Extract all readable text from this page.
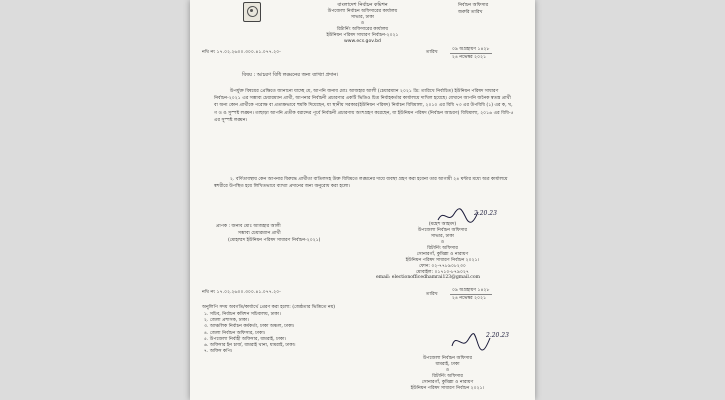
বাংলাদেশ নির্বাচন কমিশন
উপজেলা নির্বাচন অফিসারের কার্যালয়
সাভার, ঢাকা
ও
রিটার্নিং অফিসারের কার্যালয়
ইউনিয়ন পরিষদ সাধারণ নির্বাচন-২০২১
www.ecs.gov.bd
নির্বাচন অফিসার
জরুরি তারিখ
নথি নং ১৭.০২.২৬০০.৩০০.৪১.০৭৭.২০-	তারিখ
০৯ অগ্রহায়ণ ১৪২৮
২৪ নভেম্বর ২০২১
বিষয় : আচরণ বিধি লঙ্ঘনের জন্য ব্যাখ্যা প্রদান।
উপর্যুক্ত বিষয়ের প্রেক্ষিতে জানানো যাচ্ছে যে, আপনি জনাব মোঃ আজহার আলী (চেয়ারম্যান ২০২১ খ্রি: তারিখে নির্বাচিত) ইউনিয়ন পরিষদ সাধারণ নির্বাচন-২০২১ এর সম্ভাব্য চেয়ারম্যান প্রার্থী, আপনার নির্বাচনী প্রচারণার একটি ভিডিও চিত্র নির্বাহকর্তার কার্যালয়ে দাখিল হয়েছে। যেখানে আপনি জনৈক স্বতন্ত্র প্রার্থী বা অন্য কোন প্রার্থীকে পরোক্ষ বা প্রত্যক্ষভাবে হুমকি দিয়েছেন, যা স্থানীয় সরকার(ইউনিয়ন পরিষদ) নির্বাচন বিধিমালা, ২০১০ এর বিধি ৭৩ এর উপবিধি (১) এর ক, খ, গ ও ঙ সুস্পষ্ট লঙ্ঘন। তাছাড়া আপনি প্রতীক বরাদ্দের পূর্বে নির্বাচনী প্রচারণায় অংশগ্রহণ করেছেন, যা ইউনিয়ন পরিষদ (নির্বাচন আচরণ) বিধিমালা, ২০১৬ এর বিধি-৫ এর সুস্পষ্ট লঙ্ঘন।
২. বর্ণিতাবস্থায় কেন আপনার বিরুদ্ধে প্রার্থীতা বাতিলসহ উক্ত বিধিমতে লঙ্ঘনের দায়ে ব্যবস্থা গ্রহণ করা হবেনা তার আগামী ২৪ ঘন্টার মধ্যে অত্র কার্যালয়ে স্বশরীরে উপস্থিত হয়ে লিখিতভাবে ব্যাখ্যা প্রদানের জন্য অনুরোধ করা হলো।
2.20.23
প্রাপক : জনাব মোঃ আজহার আলী
সম্ভাব্য চেয়ারম্যান প্রার্থী
(মোহাম্মদ ইউনিয়ন পরিষদ সাধারণ নির্বাচন-২০২১)
(মহেশ আহমদ)
উপজেলা নির্বাচন অফিসার
সাভার, ঢাকা
ও
রিটার্নিং অফিসার
সোনারগাঁ, কুমিল্লা ও নারায়ণ
ইউনিয়ন পরিষদ সাধারণ নির্বাচন ২০২১।
ফোন: ০২-৭৭৮৯০৮২৩০
মোবাইল: ০১৭১০-৮৭৯০২৭
email: electionofficedhamrai123@gmail.com
নথি নং ১৭.০২.২৬০০.৩০০.৪১.০৭৭.২০-	তারিখ
০৯ অগ্রহায়ণ ১৪২৮
২৪ নভেম্বর ২০২১
অনুলিপি সদয় অবগতি/কার্যার্থে প্রেরণ করা হলো: (জেষ্ঠতার ভিত্তিতে নয়)
১. সচিব, নির্বাচন কমিশন সচিবালয়, ঢাকা।
২. জেলা প্রশাসক, ঢাকা।
৩. আঞ্চলিক নির্বাচন কর্মকর্তা, ঢাকা অঞ্চল, ঢাকা।
৪. জেলা নির্বাচন অফিসার, ঢাকা।
৫. উপজেলা নির্বাহী অফিসার, ধামরাই, ঢাকা।
৬. অফিসার ইন চার্জ, ধামরাই থানা, ধামরাই, ঢাকা।
৭. অফিস কপি।
2.20.23
উপজেলা নির্বাচন অফিসার
ধামরাই, ঢাকা
ও
রিটার্নিং অফিসার
সোনারগাঁ, কুমিল্লা ও নারায়ণ
ইউনিয়ন পরিষদ সাধারণ নির্বাচন ২০২১।
